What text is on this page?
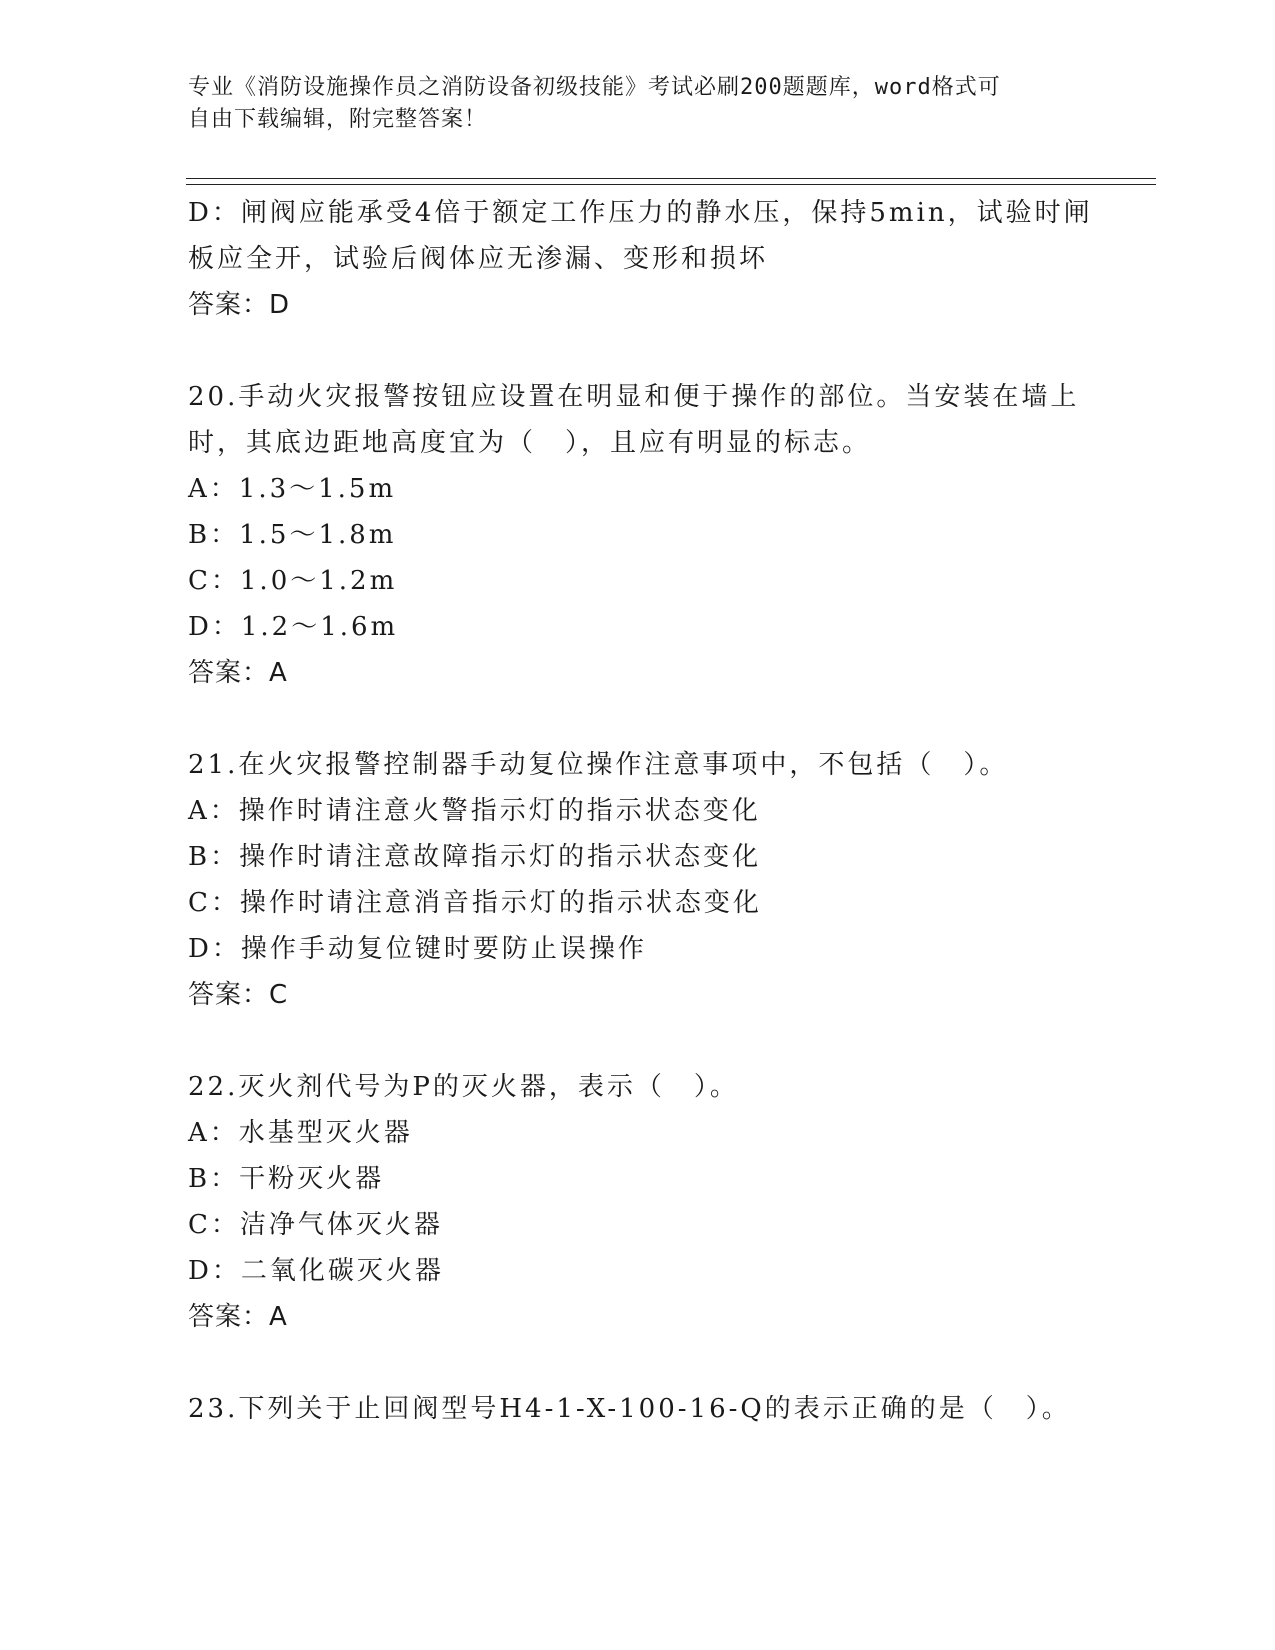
专业《消防设施操作员之消防设备初级技能》考试必刷200题题库，word格式可
自由下载编辑，附完整答案！
D：闸阀应能承受4倍于额定工作压力的静水压，保持5min，试验时闸
板应全开，试验后阀体应无渗漏、变形和损坏
答案：D
20.手动火灾报警按钮应设置在明显和便于操作的部位。当安装在墙上
时，其底边距地高度宜为（　），且应有明显的标志。
A：1.3～1.5m
B：1.5～1.8m
C：1.0～1.2m
D：1.2～1.6m
答案：A
21.在火灾报警控制器手动复位操作注意事项中，不包括（　）。
A：操作时请注意火警指示灯的指示状态变化
B：操作时请注意故障指示灯的指示状态变化
C：操作时请注意消音指示灯的指示状态变化
D：操作手动复位键时要防止误操作
答案：C
22.灭火剂代号为P的灭火器，表示（　）。
A：水基型灭火器
B：干粉灭火器
C：洁净气体灭火器
D：二氧化碳灭火器
答案：A
23.下列关于止回阀型号H4-1-X-100-16-Q的表示正确的是（　）。
